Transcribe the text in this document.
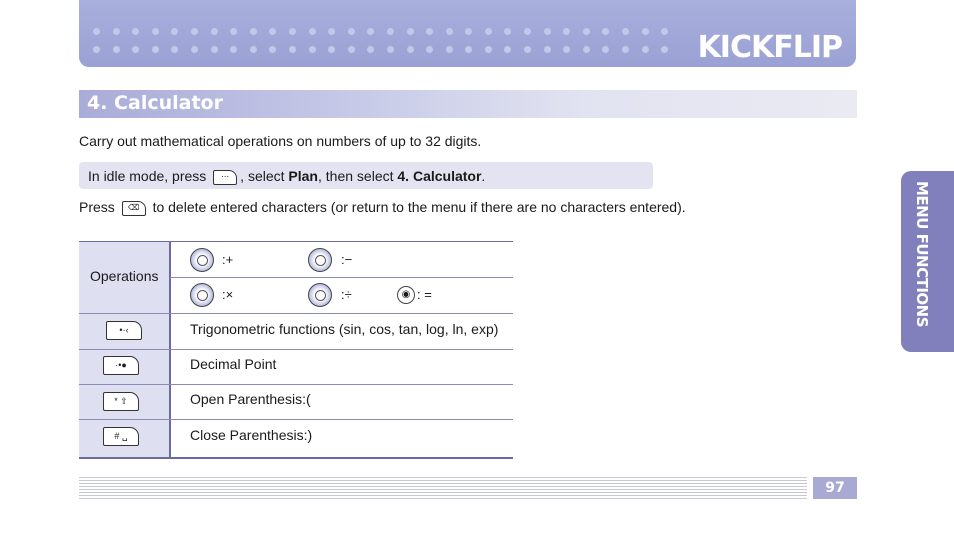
KICKFLIP
4. Calculator
Carry out mathematical operations on numbers of up to 32 digits.
In idle mode, press ⋯ , select Plan, then select 4. Calculator.
Press ⌫ to delete entered characters (or return to the menu if there are no characters entered).
Operations
:+	:−
:×	:÷	◉ : =
•·‹	Trigonometric functions (sin, cos, tan, log, ln, exp)
·•●	Decimal Point
* ⇧	Open Parenthesis:(
# ␣	Close Parenthesis:)
MENU FUNCTIONS
97
